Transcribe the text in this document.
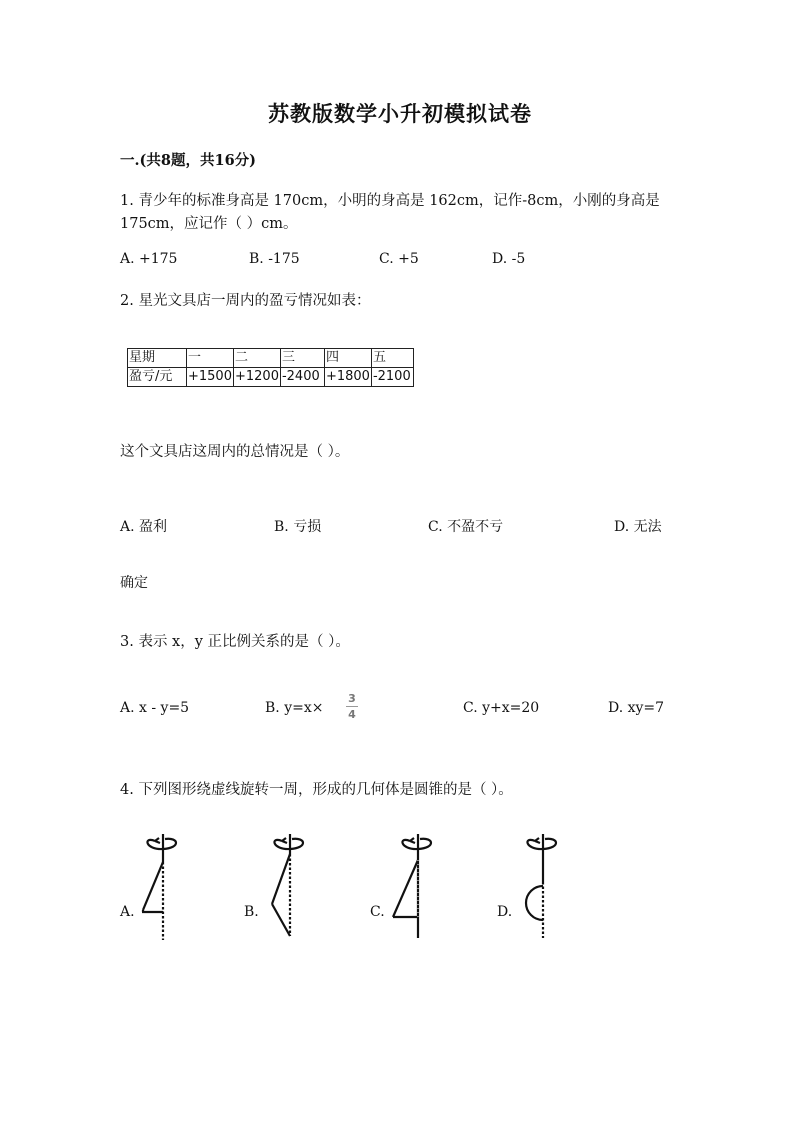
苏教版数学小升初模拟试卷
一.(共8题，共16分)
1. 青少年的标准身高是 170cm，小明的身高是 162cm，记作-8cm，小刚的身高是
175cm，应记作（ ）cm。
A. +175	B. -175	C. +5	D. -5
2. 星光文具店一周内的盈亏情况如表：
星期	一	二	三	四	五
盈亏/元	+1500	+1200	-2400	+1800	-2100
这个文具店这周内的总情况是（ ）。
A. 盈利	B. 亏损	C. 不盈不亏	D. 无法
确定
3. 表示 x，y 正比例关系的是（ ）。
A. x - y=5	B. y=x×
3
4	C. y+x=20	D. xy=7
4. 下列图形绕虚线旋转一周，形成的几何体是圆锥的是（ ）。
A.	B.	C.	D.
